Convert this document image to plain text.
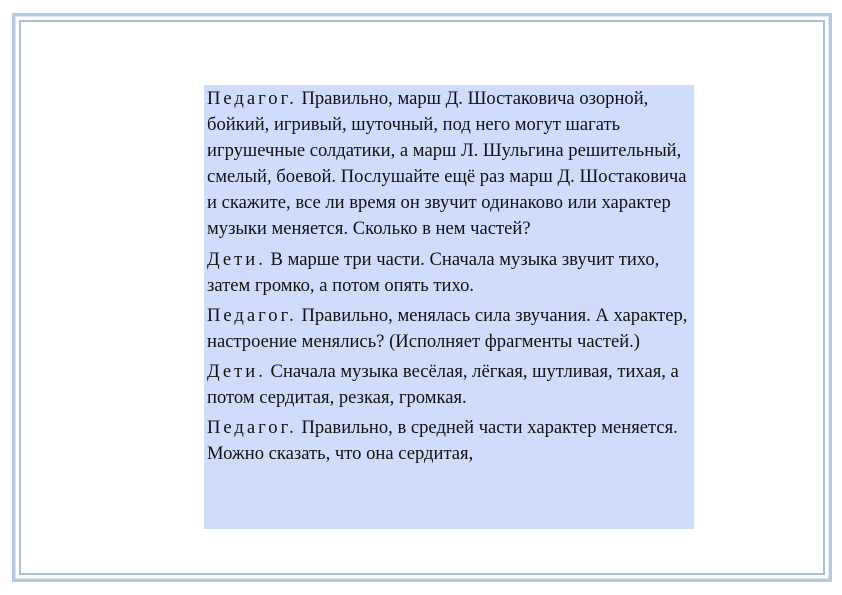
Педагог. Правильно, марш Д. Шостаковича озорной, бойкий, игривый, шуточный, под него могут шагать игрушечные солдатики, а марш Л. Шульгина решительный, смелый, боевой. Послушайте ещё раз марш Д. Шостаковича и скажите, все ли время он звучит одинаково или характер музыки меняется. Сколько в нем частей?

Дети. В марше три части. Сначала музыка звучит тихо, затем громко, а потом опять тихо.

Педагог. Правильно, менялась сила звучания. А характер, настроение менялись? (Исполняет фрагменты частей.)

Дети. Сначала музыка весёлая, лёгкая, шутливая, тихая, а потом сердитая, резкая, громкая.

Педагог. Правильно, в средней части характер меняется. Можно сказать, что она сердитая,
